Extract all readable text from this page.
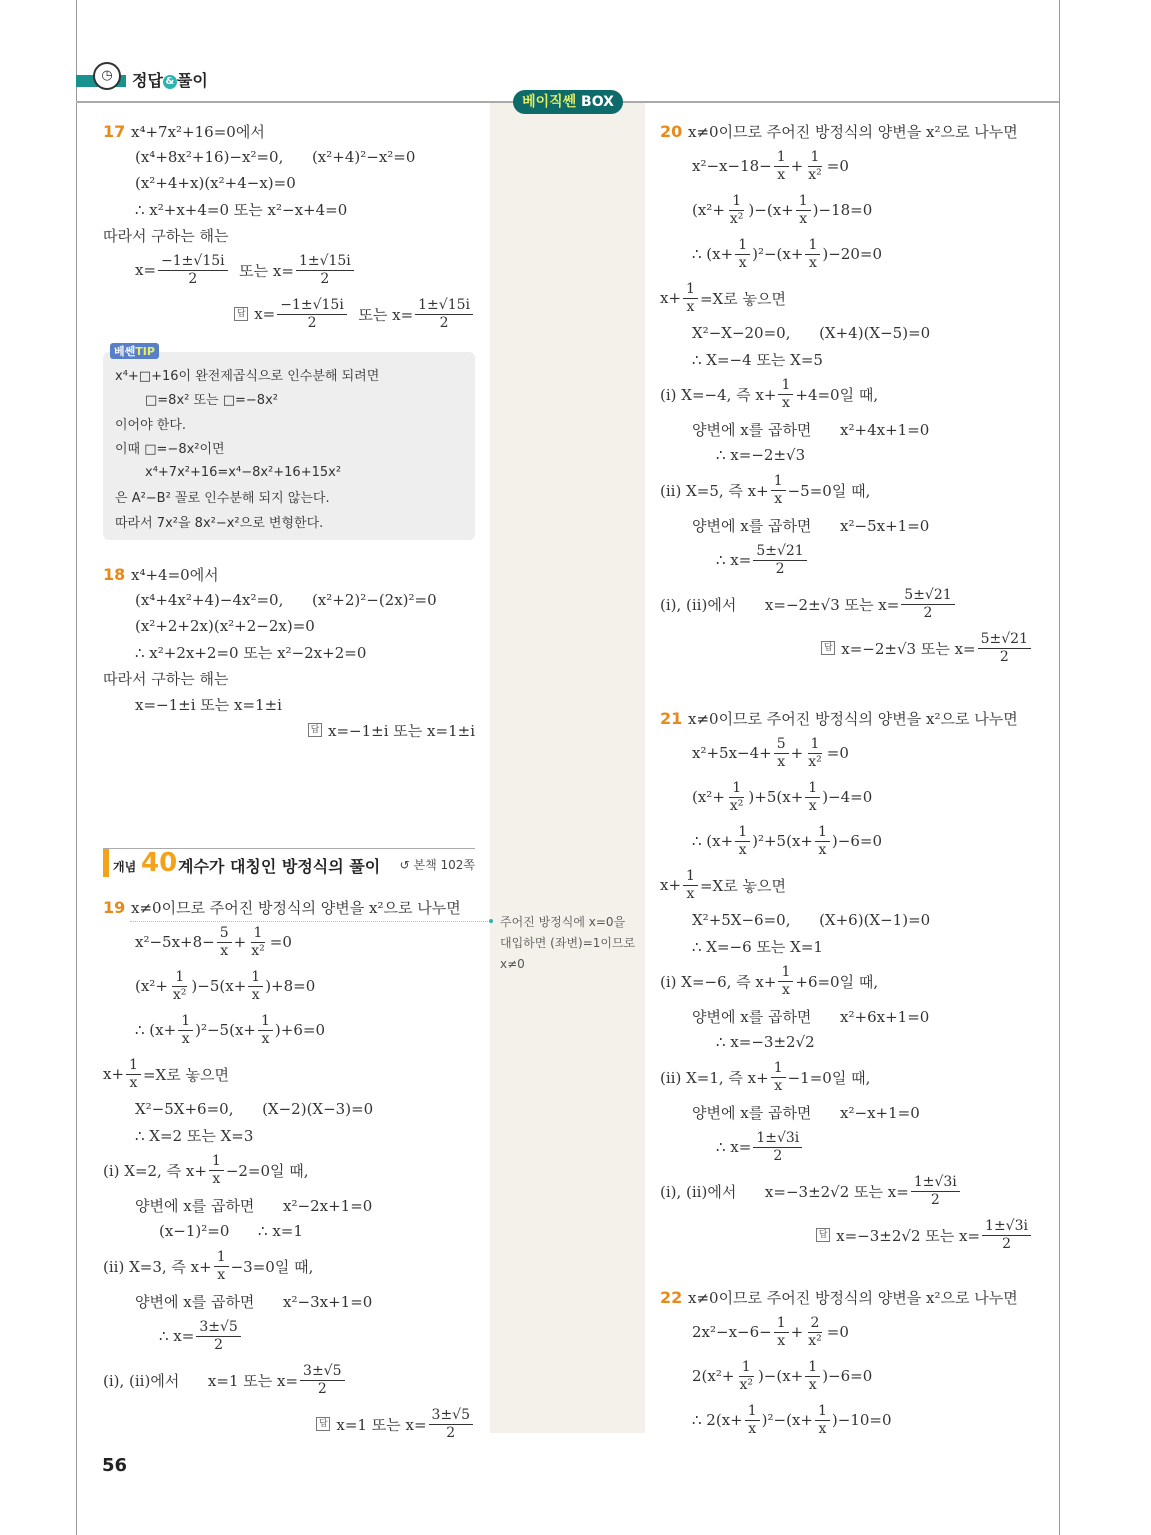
◷	정답 & 풀이
베이직쎈 BOX
17 x⁴+7x²+16=0에서
(x⁴+8x²+16)−x²=0,      (x²+4)²−x²=0
(x²+4+x)(x²+4−x)=0
∴ x²+x+4=0 또는 x²−x+4=0
따라서 구하는 해는
$x= \frac{-1\pm√15i}{2}$ 또는 $x= \frac{1\pm√15i}{2}$
답 $x= \frac{-1\pm√15i}{2}$ 또는 $x= \frac{1\pm√15i}{2}$
베쎈TIP
x⁴+□+16이 완전제곱식으로 인수분해 되려면
□=8x² 또는 □=−8x²
이어야 한다.
이때 □=−8x²이면
x⁴+7x²+16=x⁴−8x²+16+15x²
은 A²−B² 꼴로 인수분해 되지 않는다.
따라서 7x²을 8x²−x²으로 변형한다.
18 x⁴+4=0에서
(x⁴+4x²+4)−4x²=0,      (x²+2)²−(2x)²=0
(x²+2+2x)(x²+2−2x)=0
∴ x²+2x+2=0 또는 x²−2x+2=0
따라서 구하는 해는
x=−1±i 또는 x=1±i
답 x=−1±i 또는 x=1±i
개념 40 계수가 대칭인 방정식의 풀이 ↺ 본책 102쪽
19 x≠0이므로 주어진 방정식의 양변을 x²으로 나누면
$x^2-5x+8- \frac{5}{x} + \frac{1}{\text{x²}} =0$
$(x^2+ \frac{1}{\text{x²}} )-5(x+ \frac{1}{x} )+8=0$
∴ $(x+ \frac{1}{x} )^2-5(x+ \frac{1}{x} )+6=0$
$x+ \frac{1}{x} =X$로 놓으면
X²−5X+6=0,      (X−2)(X−3)=0
∴ X=2 또는 X=3
(i) X=2, 즉 $x+ \frac{1}{x} -2=0$일 때,
양변에 x를 곱하면      x²−2x+1=0
(x−1)²=0      ∴ x=1
(ii) X=3, 즉 $x+ \frac{1}{x} -3=0$일 때,
양변에 x를 곱하면      x²−3x+1=0
∴ $x= \frac{3\pm√5}{2}$
(i), (ii)에서      x=1 또는 $x= \frac{3\pm√5}{2}$
답 x=1 또는 $x= \frac{3\pm√5}{2}$
주어진 방정식에 x=0을 대입하면 (좌변)=1이므로 x≠0
20 x≠0이므로 주어진 방정식의 양변을 x²으로 나누면
$x^2-x-18- \frac{1}{x} + \frac{1}{\text{x²}} =0$
$(x^2+ \frac{1}{\text{x²}} )-(x+ \frac{1}{x} )-18=0$
∴ $(x+ \frac{1}{x} )^2-(x+ \frac{1}{x} )-20=0$
$x+ \frac{1}{x} =X$로 놓으면
X²−X−20=0,      (X+4)(X−5)=0
∴ X=−4 또는 X=5
(i) X=−4, 즉 $x+ \frac{1}{x} +4=0$일 때,
양변에 x를 곱하면      x²+4x+1=0
∴ x=−2±√3
(ii) X=5, 즉 $x+ \frac{1}{x} -5=0$일 때,
양변에 x를 곱하면      x²−5x+1=0
∴ $x= \frac{5\pm√21}{2}$
(i), (ii)에서      x=−2±√3 또는 $x= \frac{5\pm√21}{2}$
답 x=−2±√3 또는 $x= \frac{5\pm√21}{2}$
21 x≠0이므로 주어진 방정식의 양변을 x²으로 나누면
$x^2+5x-4+ \frac{5}{x} + \frac{1}{\text{x²}} =0$
$(x^2+ \frac{1}{\text{x²}} )+5(x+ \frac{1}{x} )-4=0$
∴ $(x+ \frac{1}{x} )^2+5(x+ \frac{1}{x} )-6=0$
$x+ \frac{1}{x} =X$로 놓으면
X²+5X−6=0,      (X+6)(X−1)=0
∴ X=−6 또는 X=1
(i) X=−6, 즉 $x+ \frac{1}{x} +6=0$일 때,
양변에 x를 곱하면      x²+6x+1=0
∴ x=−3±2√2
(ii) X=1, 즉 $x+ \frac{1}{x} -1=0$일 때,
양변에 x를 곱하면      x²−x+1=0
∴ $x= \frac{1\pm√3i}{2}$
(i), (ii)에서      x=−3±2√2 또는 $x= \frac{1\pm√3i}{2}$
답 x=−3±2√2 또는 $x= \frac{1\pm√3i}{2}$
22 x≠0이므로 주어진 방정식의 양변을 x²으로 나누면
$2x^2-x-6- \frac{1}{x} + \frac{2}{\text{x²}} =0$
$2(x^2+ \frac{1}{\text{x²}} )-(x+ \frac{1}{x} )-6=0$
∴ $2(x+ \frac{1}{x} )^2-(x+ \frac{1}{x} )-10=0$
56
